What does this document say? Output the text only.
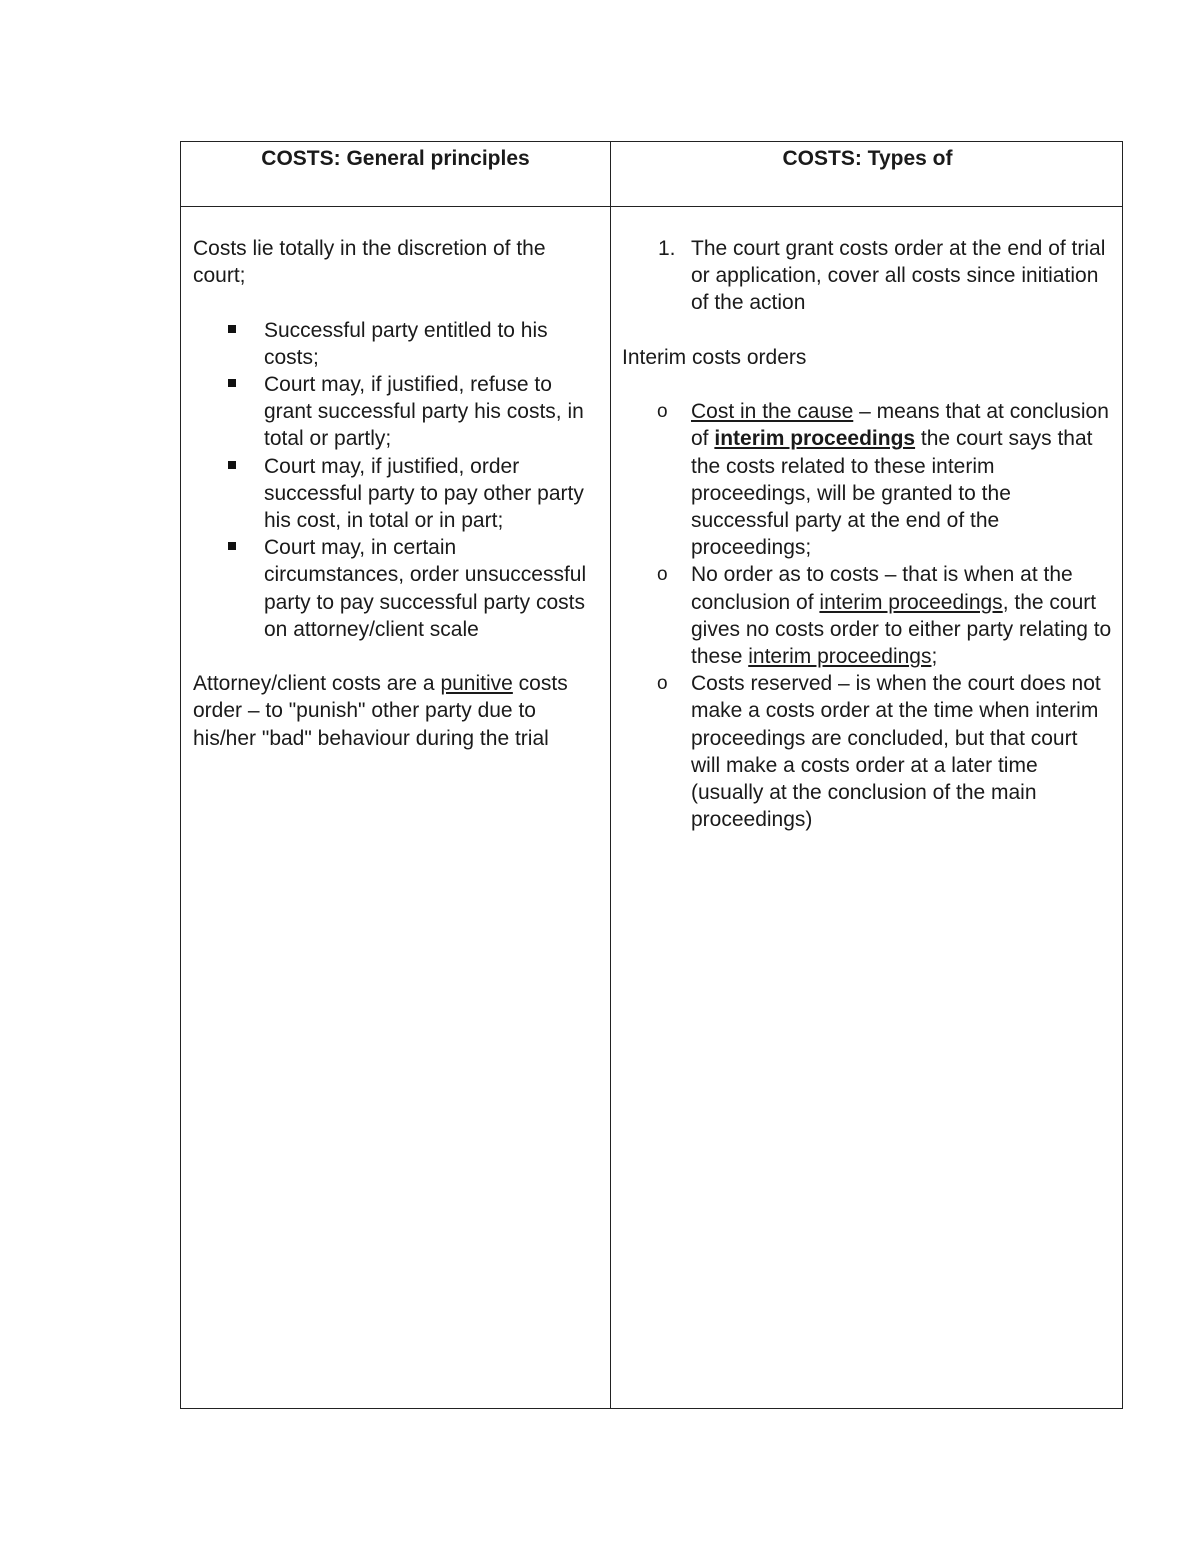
COSTS: General principles	COSTS: Types of

Costs lie totally in the discretion of the court;

Successful party entitled to his costs;
Court may, if justified, refuse to grant successful party his costs, in total or partly;
Court may, if justified, order successful party to pay other party his cost, in total or in part;
Court may, in certain circumstances, order unsuccessful party to pay successful party costs on attorney/client scale

Attorney/client costs are a punitive costs order – to "punish" other party due to his/her "bad" behaviour during the trial

1. The court grant costs order at the end of trial or application, cover all costs since initiation of the action

Interim costs orders

o Cost in the cause – means that at conclusion of interim proceedings the court says that the costs related to these interim proceedings, will be granted to the successful party at the end of the proceedings;
o No order as to costs – that is when at the conclusion of interim proceedings, the court gives no costs order to either party relating to these interim proceedings;
o Costs reserved – is when the court does not make a costs order at the time when interim proceedings are concluded, but that court will make a costs order at a later time (usually at the conclusion of the main proceedings)
